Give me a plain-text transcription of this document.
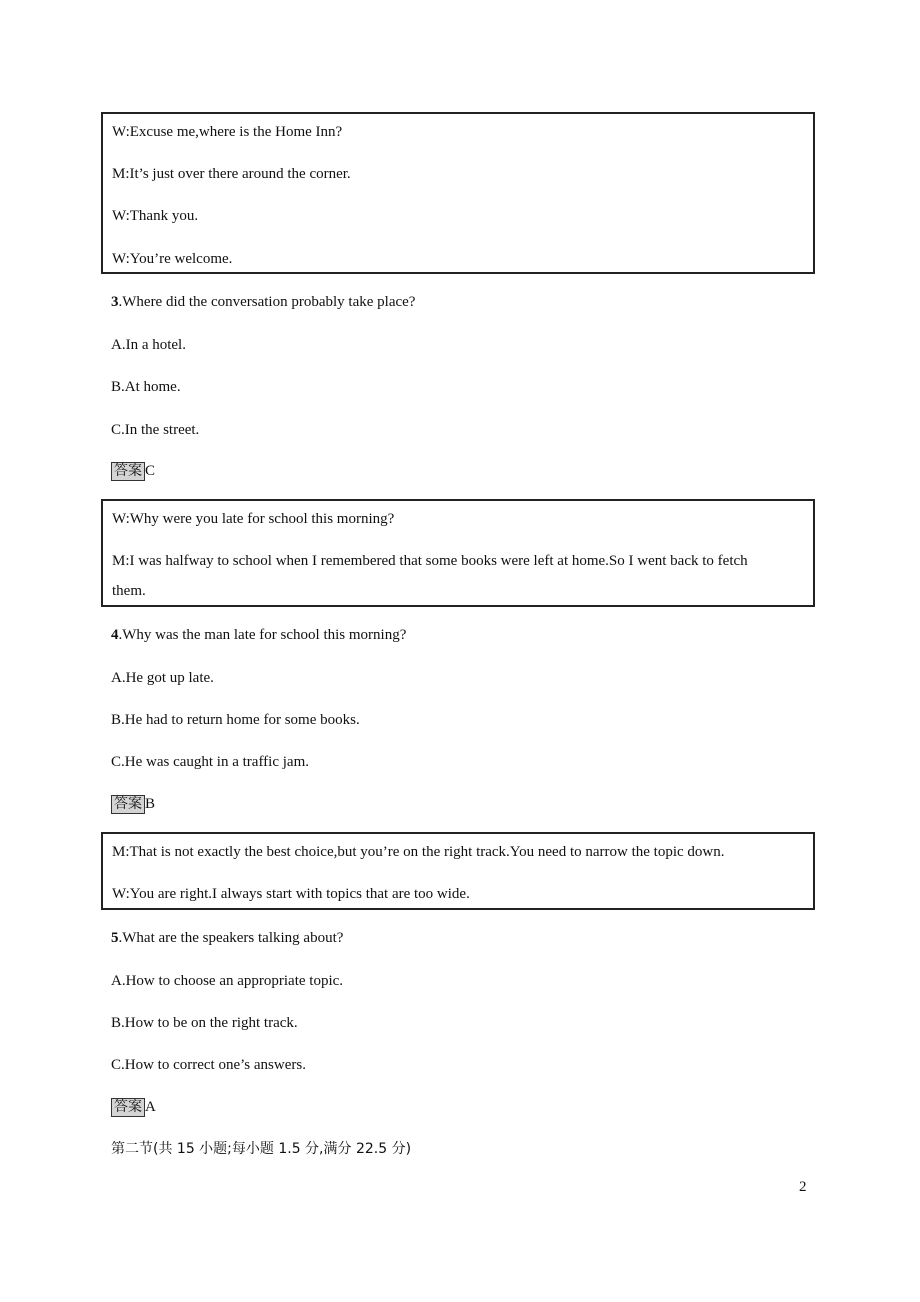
W:Excuse me,where is the Home Inn?
M:It’s just over there around the corner.
W:Thank you.
W:You’re welcome.
3.Where did the conversation probably take place?
A.In a hotel.
B.At home.
C.In the street.
答案 C
W:Why were you late for school this morning?
M:I was halfway to school when I remembered that some books were left at home.So I went back to fetch
them.
4.Why was the man late for school this morning?
A.He got up late.
B.He had to return home for some books.
C.He was caught in a traffic jam.
答案 B
M:That is not exactly the best choice,but you’re on the right track.You need to narrow the topic down.
W:You are right.I always start with topics that are too wide.
5.What are the speakers talking about?
A.How to choose an appropriate topic.
B.How to be on the right track.
C.How to correct one’s answers.
答案 A
第二节(共 15 小题;每小题 1.5 分,满分 22.5 分)
2
